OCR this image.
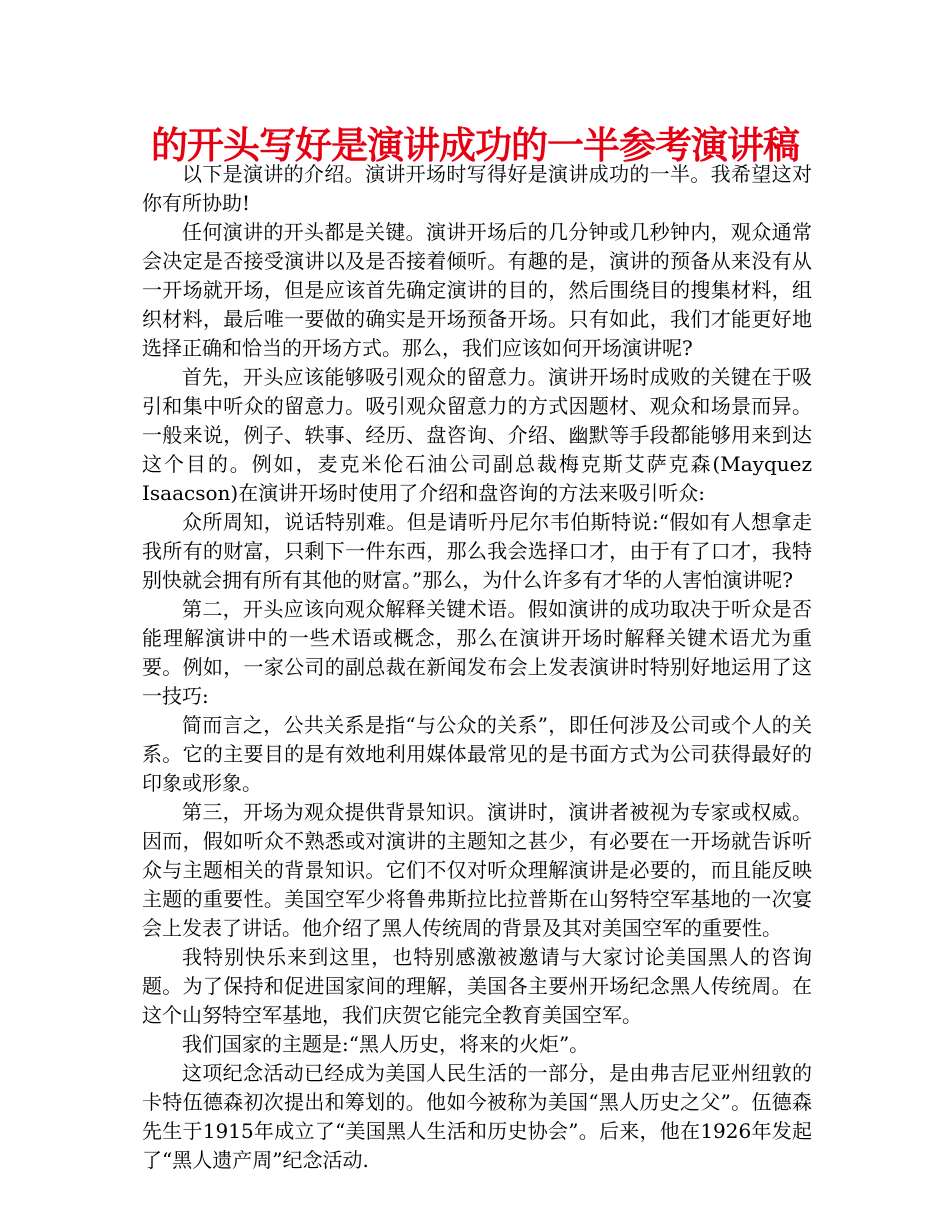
的开头写好是演讲成功的一半参考演讲稿

以下是演讲的介绍。演讲开场时写得好是演讲成功的一半。我希望这对你有所协助!

任何演讲的开头都是关键。演讲开场后的几分钟或几秒钟内，观众通常会决定是否接受演讲以及是否接着倾听。有趣的是，演讲的预备从来没有从一开场就开场，但是应该首先确定演讲的目的，然后围绕目的搜集材料，组织材料，最后唯一要做的确实是开场预备开场。只有如此，我们才能更好地选择正确和恰当的开场方式。那么，我们应该如何开场演讲呢?

首先，开头应该能够吸引观众的留意力。演讲开场时成败的关键在于吸引和集中听众的留意力。吸引观众留意力的方式因题材、观众和场景而异。一般来说，例子、轶事、经历、盘咨询、介绍、幽默等手段都能够用来到达这个目的。例如，麦克米伦石油公司副总裁梅克斯艾萨克森(Mayquez Isaacson)在演讲开场时使用了介绍和盘咨询的方法来吸引听众:

众所周知，说话特别难。但是请听丹尼尔韦伯斯特说:“假如有人想拿走我所有的财富，只剩下一件东西，那么我会选择口才，由于有了口才，我特别快就会拥有所有其他的财富。”那么，为什么许多有才华的人害怕演讲呢?

第二，开头应该向观众解释关键术语。假如演讲的成功取决于听众是否能理解演讲中的一些术语或概念，那么在演讲开场时解释关键术语尤为重要。例如，一家公司的副总裁在新闻发布会上发表演讲时特别好地运用了这一技巧:

简而言之，公共关系是指“与公众的关系”，即任何涉及公司或个人的关系。它的主要目的是有效地利用媒体最常见的是书面方式为公司获得最好的印象或形象。

第三，开场为观众提供背景知识。演讲时，演讲者被视为专家或权威。因而，假如听众不熟悉或对演讲的主题知之甚少，有必要在一开场就告诉听众与主题相关的背景知识。它们不仅对听众理解演讲是必要的，而且能反映主题的重要性。美国空军少将鲁弗斯拉比拉普斯在山努特空军基地的一次宴会上发表了讲话。他介绍了黑人传统周的背景及其对美国空军的重要性。

我特别快乐来到这里，也特别感激被邀请与大家讨论美国黑人的咨询题。为了保持和促进国家间的理解，美国各主要州开场纪念黑人传统周。在这个山努特空军基地，我们庆贺它能完全教育美国空军。

我们国家的主题是:“黑人历史，将来的火炬”。

这项纪念活动已经成为美国人民生活的一部分，是由弗吉尼亚州纽敦的卡特伍德森初次提出和筹划的。他如今被称为美国“黑人历史之父”。伍德森先生于1915年成立了“美国黑人生活和历史协会”。后来，他在1926年发起了“黑人遗产周”纪念活动.
